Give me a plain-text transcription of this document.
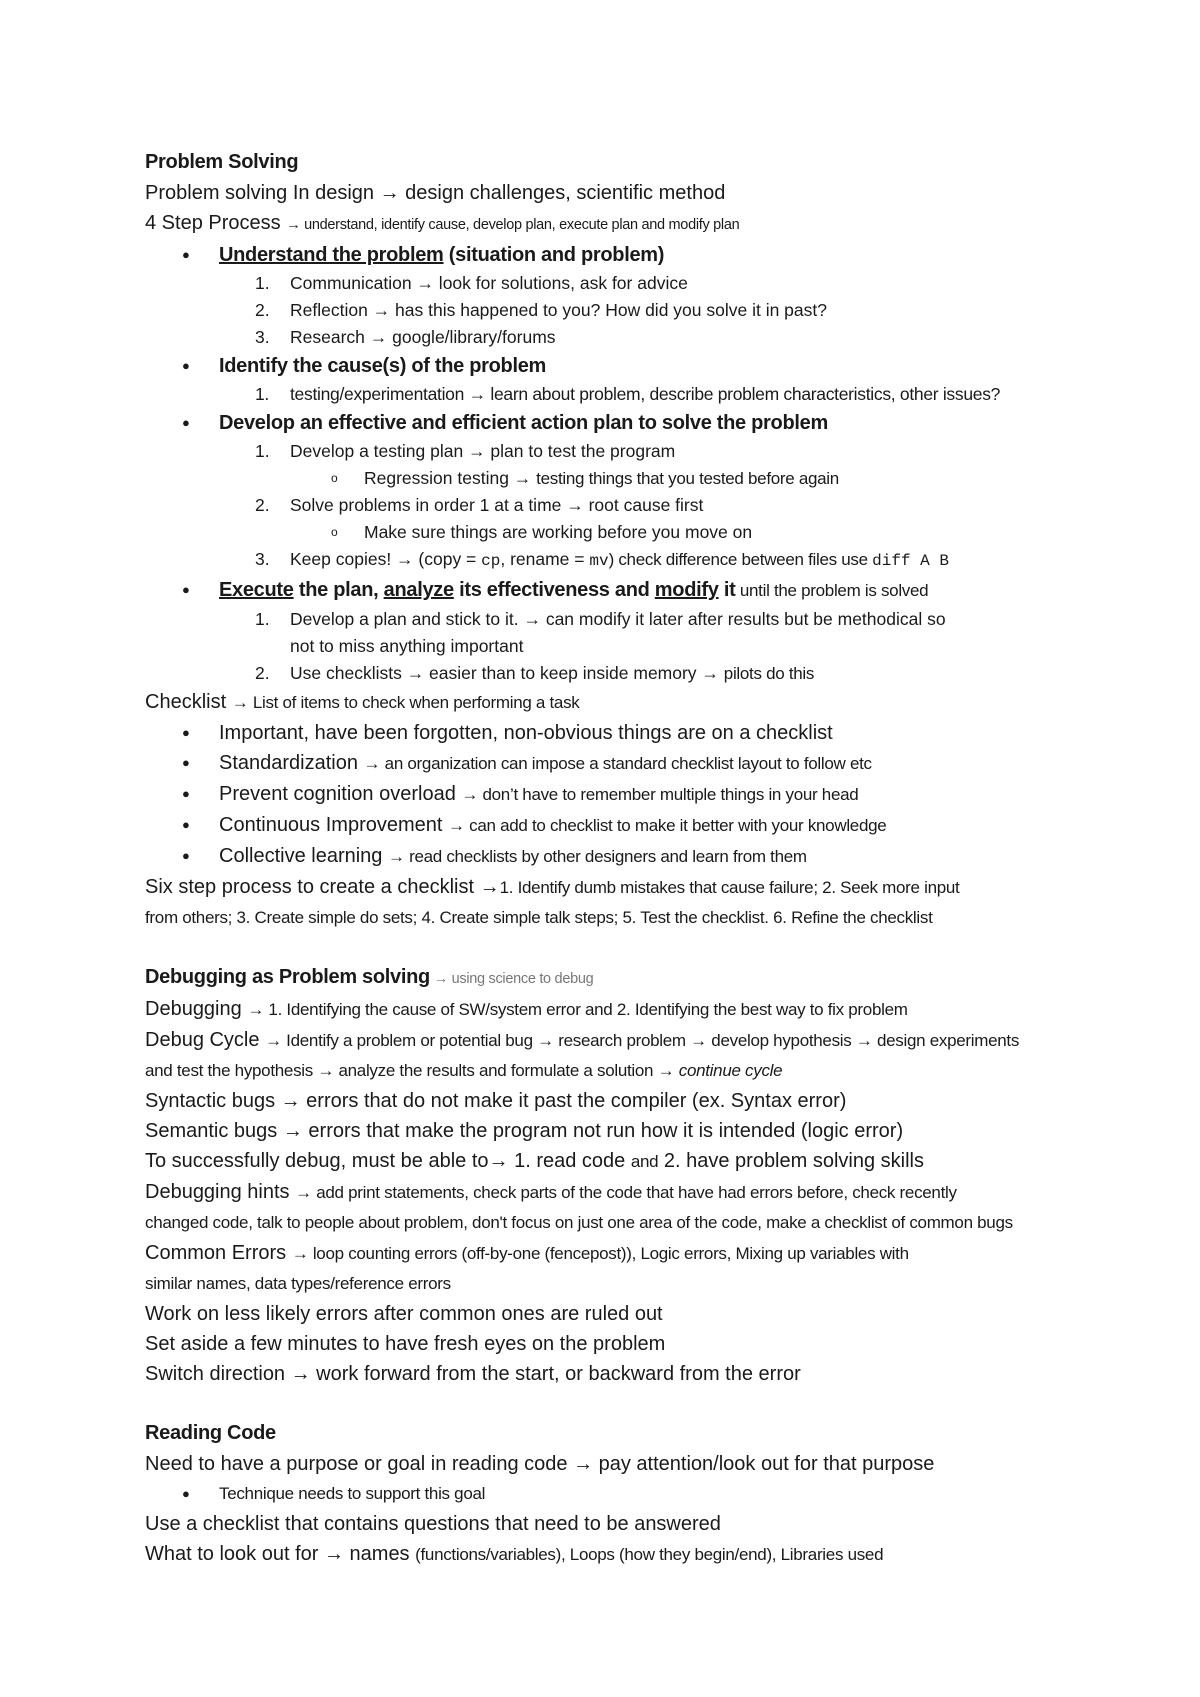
Problem Solving
Problem solving In design → design challenges, scientific method
4 Step Process → understand, identify cause, develop plan, execute plan and modify plan
● Understand the problem (situation and problem)
1. Communication → look for solutions, ask for advice
2. Reflection → has this happened to you? How did you solve it in past?
3. Research → google/library/forums
● Identify the cause(s) of the problem
1. testing/experimentation → learn about problem, describe problem characteristics, other issues?
● Develop an effective and efficient action plan to solve the problem
1. Develop a testing plan → plan to test the program
o Regression testing → testing things that you tested before again
2. Solve problems in order 1 at a time → root cause first
o Make sure things are working before you move on
3. Keep copies! → (copy = cp, rename = mv) check difference between files use diff A B
● Execute the plan, analyze its effectiveness and modify it until the problem is solved
1. Develop a plan and stick to it. → can modify it later after results but be methodical so
not to miss anything important
2. Use checklists → easier than to keep inside memory → pilots do this
Checklist → List of items to check when performing a task
● Important, have been forgotten, non-obvious things are on a checklist
● Standardization → an organization can impose a standard checklist layout to follow etc
● Prevent cognition overload → don’t have to remember multiple things in your head
● Continuous Improvement → can add to checklist to make it better with your knowledge
● Collective learning → read checklists by other designers and learn from them
Six step process to create a checklist →1. Identify dumb mistakes that cause failure; 2. Seek more input
from others; 3. Create simple do sets; 4. Create simple talk steps; 5. Test the checklist. 6. Refine the checklist
Debugging as Problem solving → using science to debug
Debugging → 1. Identifying the cause of SW/system error and 2. Identifying the best way to fix problem
Debug Cycle → Identify a problem or potential bug → research problem → develop hypothesis → design experiments
and test the hypothesis → analyze the results and formulate a solution → continue cycle
Syntactic bugs → errors that do not make it past the compiler (ex. Syntax error)
Semantic bugs → errors that make the program not run how it is intended (logic error)
To successfully debug, must be able to→ 1. read code and 2. have problem solving skills
Debugging hints → add print statements, check parts of the code that have had errors before, check recently
changed code, talk to people about problem, don't focus on just one area of the code, make a checklist of common bugs
Common Errors → loop counting errors (off-by-one (fencepost)), Logic errors, Mixing up variables with
similar names, data types/reference errors
Work on less likely errors after common ones are ruled out
Set aside a few minutes to have fresh eyes on the problem
Switch direction → work forward from the start, or backward from the error
Reading Code
Need to have a purpose or goal in reading code → pay attention/look out for that purpose
● Technique needs to support this goal
Use a checklist that contains questions that need to be answered
What to look out for → names (functions/variables), Loops (how they begin/end), Libraries used
